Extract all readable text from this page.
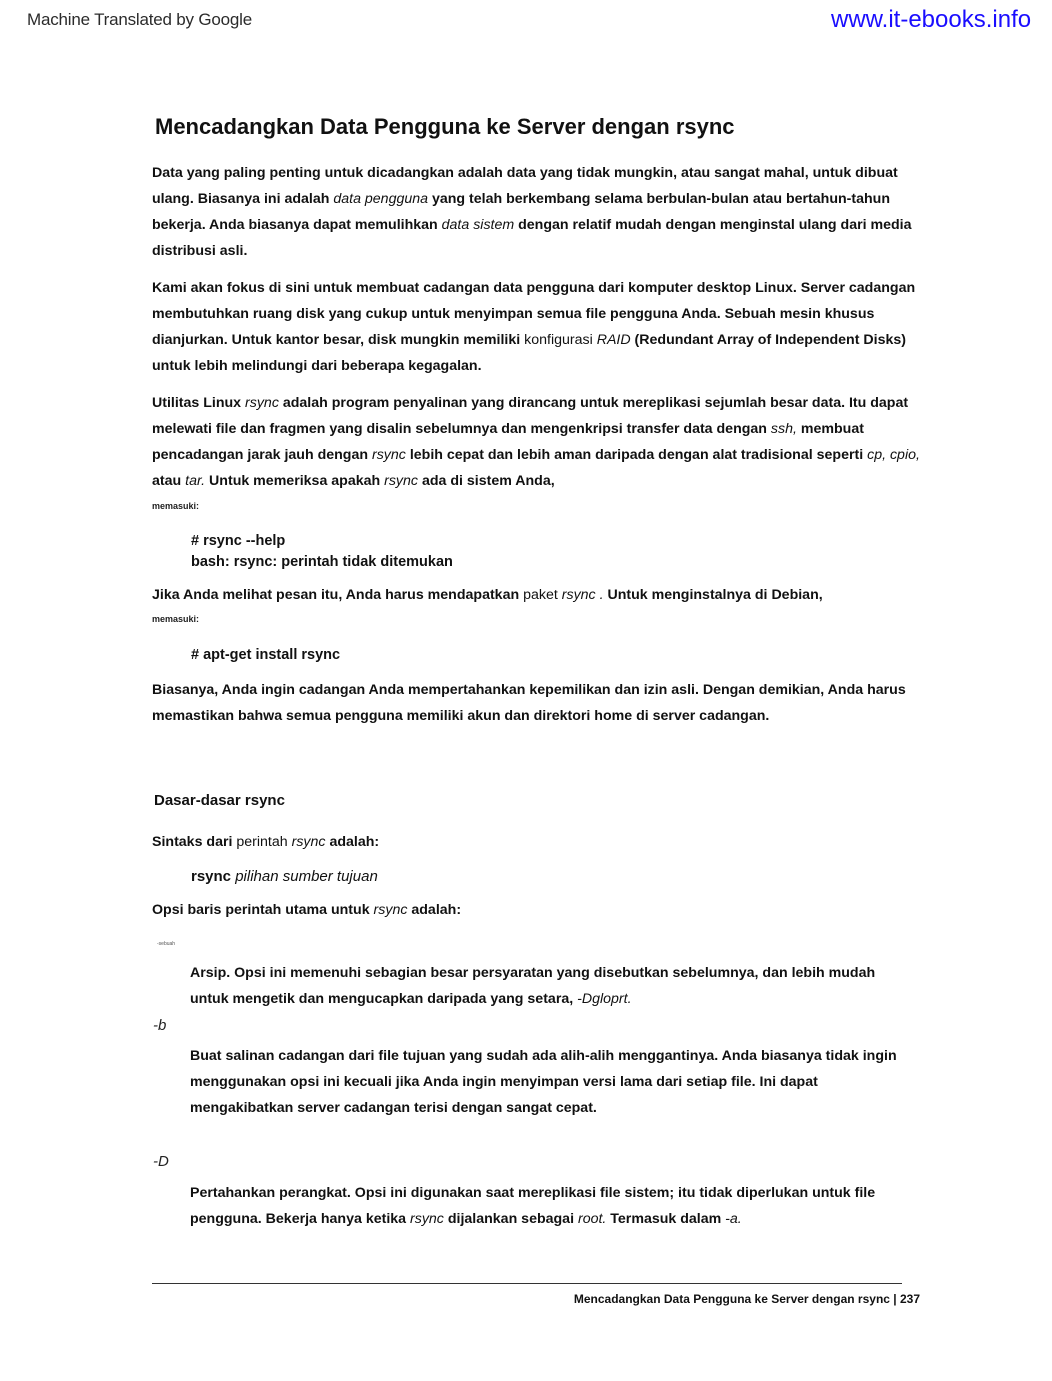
Machine Translated by Google	www.it-ebooks.info
Mencadangkan Data Pengguna ke Server dengan rsync

Data yang paling penting untuk dicadangkan adalah data yang tidak mungkin, atau sangat mahal, untuk dibuat ulang. Biasanya ini adalah data pengguna yang telah berkembang selama berbulan-bulan atau bertahun-tahun bekerja. Anda biasanya dapat memulihkan data sistem dengan relatif mudah dengan menginstal ulang dari media distribusi asli.

Kami akan fokus di sini untuk membuat cadangan data pengguna dari komputer desktop Linux. Server cadangan membutuhkan ruang disk yang cukup untuk menyimpan semua file pengguna Anda. Sebuah mesin khusus dianjurkan. Untuk kantor besar, disk mungkin memiliki konfigurasi RAID (Redundant Array of Independent Disks) untuk lebih melindungi dari beberapa kegagalan.

Utilitas Linux rsync adalah program penyalinan yang dirancang untuk mereplikasi sejumlah besar data. Itu dapat melewati file dan fragmen yang disalin sebelumnya dan mengenkripsi transfer data dengan ssh, membuat pencadangan jarak jauh dengan rsync lebih cepat dan lebih aman daripada dengan alat tradisional seperti cp, cpio, atau tar. Untuk memeriksa apakah rsync ada di sistem Anda,

memasuki:
# rsync --help
bash: rsync: perintah tidak ditemukan
Jika Anda melihat pesan itu, Anda harus mendapatkan paket rsync . Untuk menginstalnya di Debian,
memasuki:
# apt-get install rsync

Biasanya, Anda ingin cadangan Anda mempertahankan kepemilikan dan izin asli. Dengan demikian, Anda harus memastikan bahwa semua pengguna memiliki akun dan direktori home di server cadangan.

Dasar-dasar rsync
Sintaks dari perintah rsync adalah:
rsync pilihan sumber tujuan
Opsi baris perintah utama untuk rsync adalah:
-sebuah

Arsip. Opsi ini memenuhi sebagian besar persyaratan yang disebutkan sebelumnya, dan lebih mudah untuk mengetik dan mengucapkan daripada yang setara, -Dgloprt.

-b

Buat salinan cadangan dari file tujuan yang sudah ada alih-alih menggantinya. Anda biasanya tidak ingin menggunakan opsi ini kecuali jika Anda ingin menyimpan versi lama dari setiap file. Ini dapat mengakibatkan server cadangan terisi dengan sangat cepat.

-D

Pertahankan perangkat. Opsi ini digunakan saat mereplikasi file sistem; itu tidak diperlukan untuk file pengguna. Bekerja hanya ketika rsync dijalankan sebagai root. Termasuk dalam -a.

Mencadangkan Data Pengguna ke Server dengan rsync | 237
